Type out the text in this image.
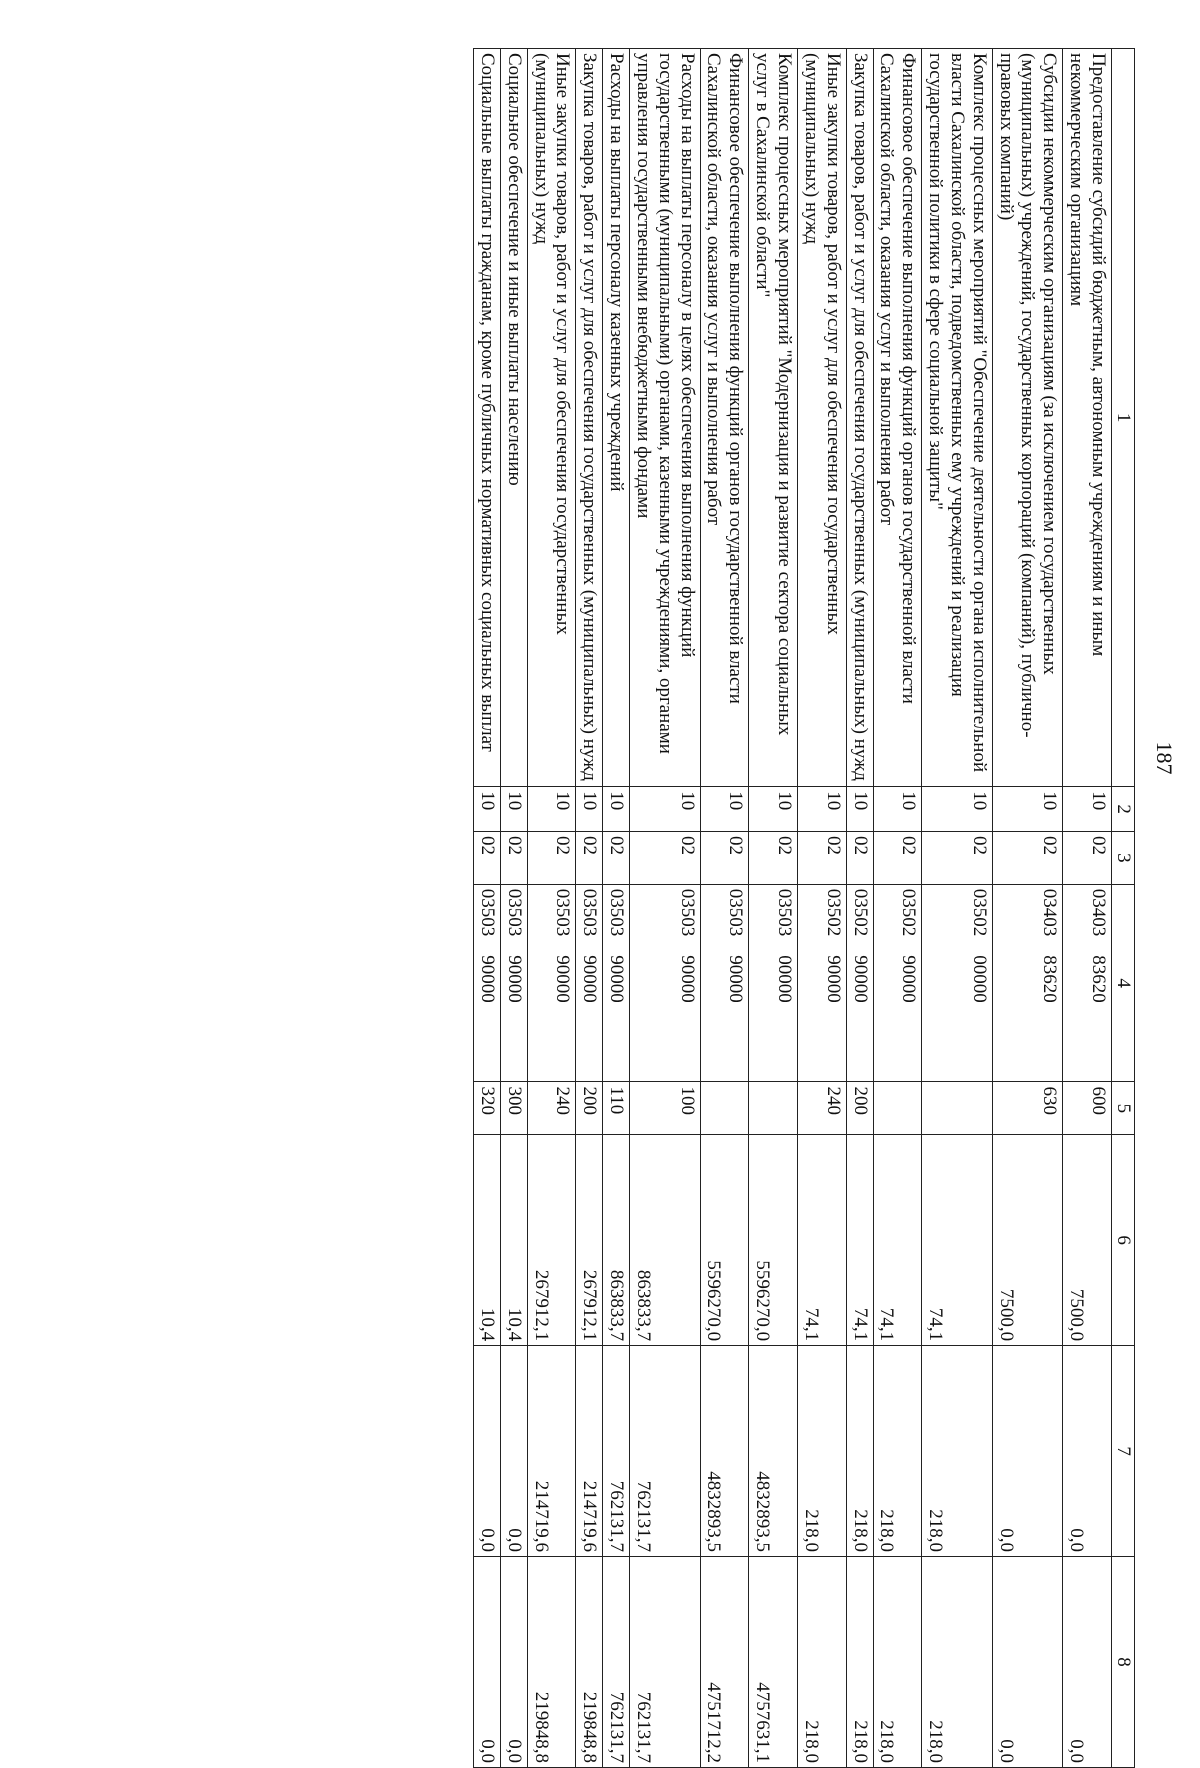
187
1	2	3	4	5	6	7	8
Предоставление субсидий бюджетным, автономным учреждениям и иным некоммерческим организациям	10	02	03403    83620	600	7500,0	0,0	0,0
Субсидии некоммерческим организациям (за исключением государственных (муниципальных) учреждений, государственных корпораций (компаний), публично-правовых компаний)	10	02	03403    83620	630	7500,0	0,0	0,0
Комплекс процессных мероприятий "Обеспечение деятельности органа исполнительной власти Сахалинской области, подведомственных ему учреждений и реализация государственной политики в сфере социальной защиты"	10	02	03502    00000		74,1	218,0	218,0
Финансовое обеспечение выполнения функций органов государственной власти Сахалинской области, оказания услуг и выполнения работ	10	02	03502    90000		74,1	218,0	218,0
Закупка товаров, работ и услуг для обеспечения государственных (муниципальных) нужд	10	02	03502    90000	200	74,1	218,0	218,0
Иные закупки товаров, работ и услуг для обеспечения государственных (муниципальных) нужд	10	02	03502    90000	240	74,1	218,0	218,0
Комплекс процессных мероприятий "Модернизация и развитие сектора социальных услуг в Сахалинской области"	10	02	03503    00000		5596270,0	4832893,5	4757631,1
Финансовое обеспечение выполнения функций органов государственной власти Сахалинской области, оказания услуг и выполнения работ	10	02	03503    90000		5596270,0	4832893,5	4751712,2
Расходы на выплаты персоналу в целях обеспечения выполнения функций государственными (муниципальными) органами, казенными учреждениями, органами управления государственными внебюджетными фондами	10	02	03503    90000	100	863833,7	762131,7	762131,7
Расходы на выплаты персоналу казенных учреждений	10	02	03503    90000	110	863833,7	762131,7	762131,7
Закупка товаров, работ и услуг для обеспечения государственных (муниципальных) нужд	10	02	03503    90000	200	267912,1	214719,6	219848,8
Иные закупки товаров, работ и услуг для обеспечения государственных (муниципальных) нужд	10	02	03503    90000	240	267912,1	214719,6	219848,8
Социальное обеспечение и иные выплаты населению	10	02	03503    90000	300	10,4	0,0	0,0
Социальные выплаты гражданам, кроме публичных нормативных социальных выплат	10	02	03503    90000	320	10,4	0,0	0,0
